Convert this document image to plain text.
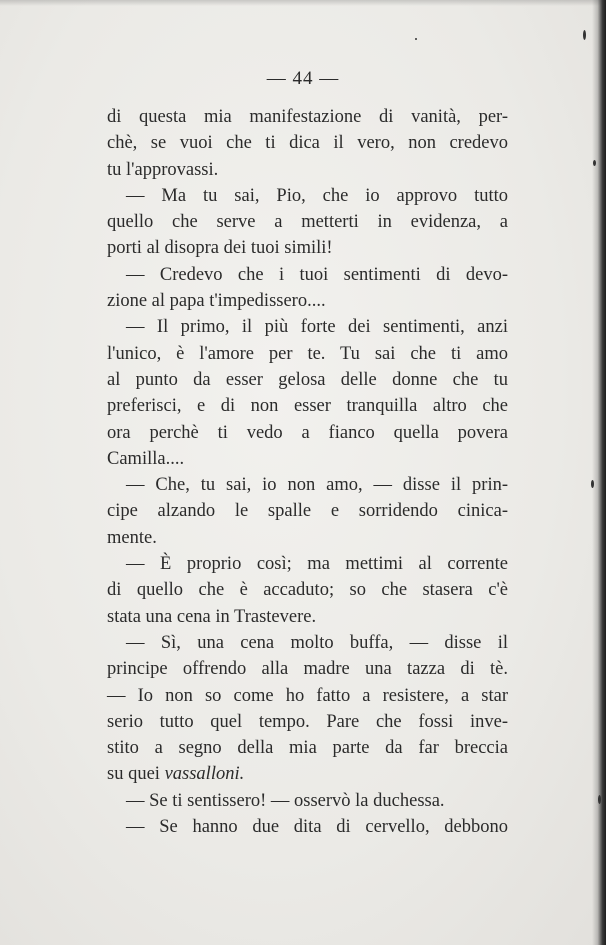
— 44 —
di questa mia manifestazione di vanità, per-
chè, se vuoi che ti dica il vero, non credevo
tu l'approvassi.
— Ma tu sai, Pio, che io approvo tutto
quello che serve a metterti in evidenza, a
porti al disopra dei tuoi simili!
— Credevo che i tuoi sentimenti di devo-
zione al papa t'impedissero....
— Il primo, il più forte dei sentimenti, anzi
l'unico, è l'amore per te. Tu sai che ti amo
al punto da esser gelosa delle donne che tu
preferisci, e di non esser tranquilla altro che
ora perchè ti vedo a fianco quella povera
Camilla....
— Che, tu sai, io non amo, — disse il prin-
cipe alzando le spalle e sorridendo cinica-
mente.
— È proprio così; ma mettimi al corrente
di quello che è accaduto; so che stasera c'è
stata una cena in Trastevere.
— Sì, una cena molto buffa, — disse il
principe offrendo alla madre una tazza di tè.
— Io non so come ho fatto a resistere, a star
serio tutto quel tempo. Pare che fossi inve-
stito a segno della mia parte da far breccia
su quei vassalloni.
— Se ti sentissero! — osservò la duchessa.
— Se hanno due dita di cervello, debbono
